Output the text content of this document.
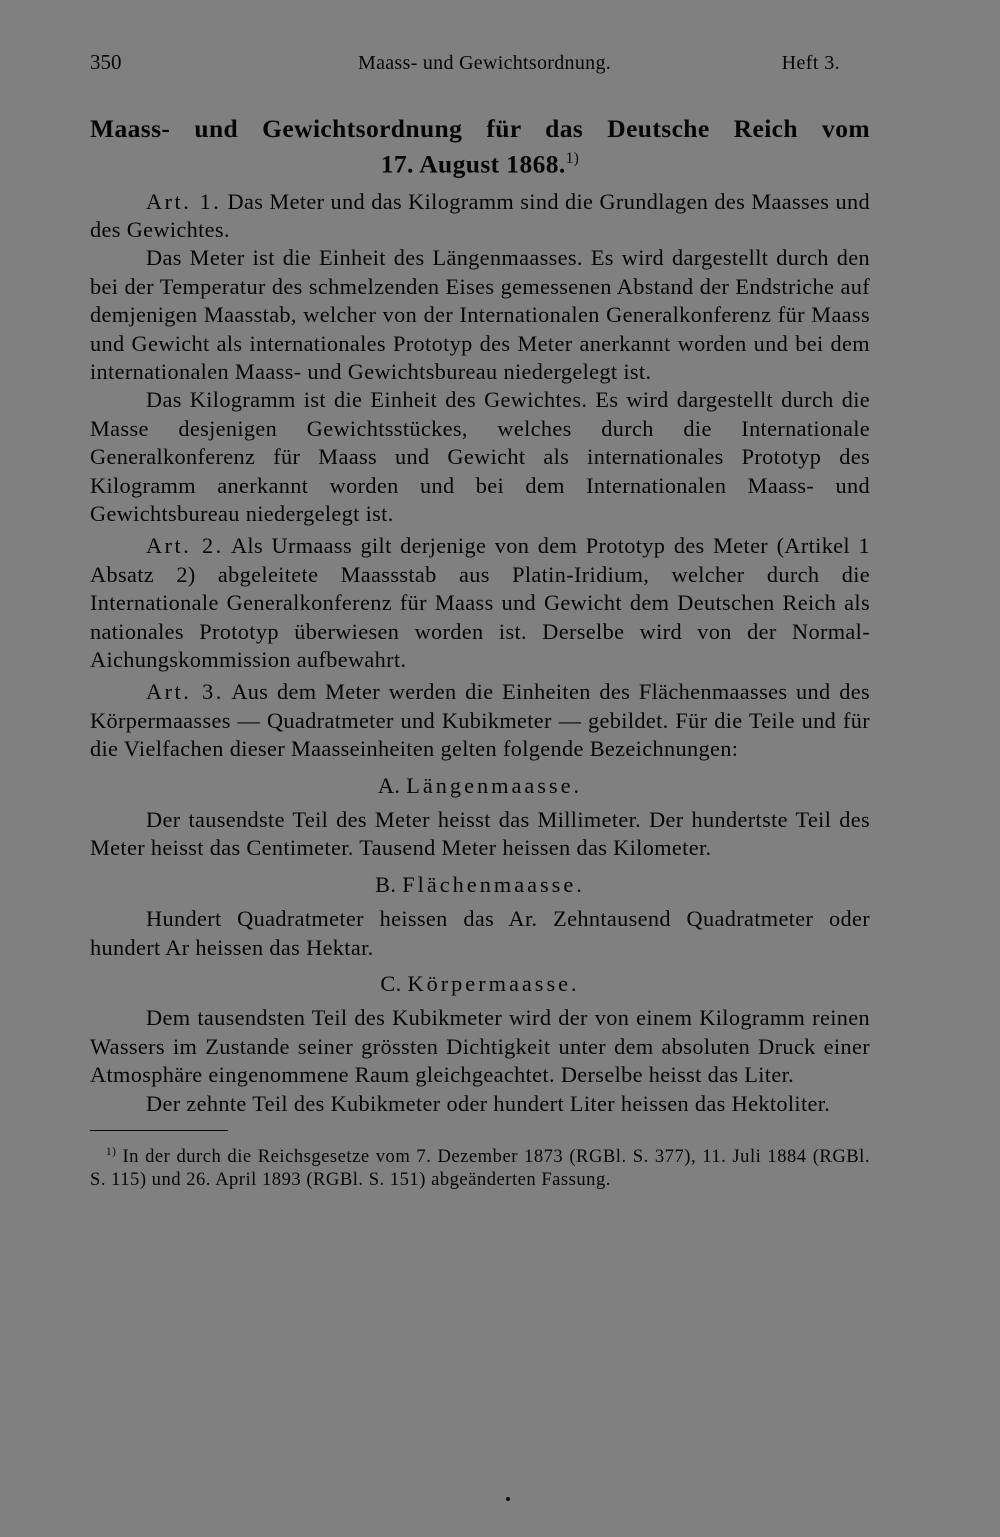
350	Maass- und Gewichtsordnung.	Heft 3.
Maass- und Gewichtsordnung für das Deutsche Reich vom
17. August 1868.$^{1)}$

Art. 1. Das Meter und das Kilogramm sind die Grundlagen des Maasses und des Gewichtes.

Das Meter ist die Einheit des Längenmaasses. Es wird dargestellt durch den bei der Temperatur des schmelzenden Eises gemessenen Abstand der Endstriche auf demjenigen Maasstab, welcher von der Internationalen Generalkonferenz für Maass und Gewicht als internationales Prototyp des Meter anerkannt worden und bei dem internationalen Maass- und Gewichtsbureau niedergelegt ist.

Das Kilogramm ist die Einheit des Gewichtes. Es wird dargestellt durch die Masse desjenigen Gewichtsstückes, welches durch die Internationale Generalkonferenz für Maass und Gewicht als internationales Prototyp des Kilogramm anerkannt worden und bei dem Internationalen Maass- und Gewichtsbureau niedergelegt ist.

Art. 2. Als Urmaass gilt derjenige von dem Prototyp des Meter (Artikel 1 Absatz 2) abgeleitete Maassstab aus Platin-Iridium, welcher durch die Internationale Generalkonferenz für Maass und Gewicht dem Deutschen Reich als nationales Prototyp überwiesen worden ist. Derselbe wird von der Normal-Aichungskommission aufbewahrt.

Art. 3. Aus dem Meter werden die Einheiten des Flächenmaasses und des Körpermaasses — Quadratmeter und Kubikmeter — gebildet. Für die Teile und für die Vielfachen dieser Maasseinheiten gelten folgende Bezeichnungen:

A. Längenmaasse.

Der tausendste Teil des Meter heisst das Millimeter. Der hundertste Teil des Meter heisst das Centimeter. Tausend Meter heissen das Kilometer.

B. Flächenmaasse.

Hundert Quadratmeter heissen das Ar. Zehntausend Quadratmeter oder hundert Ar heissen das Hektar.

C. Körpermaasse.

Dem tausendsten Teil des Kubikmeter wird der von einem Kilogramm reinen Wassers im Zustande seiner grössten Dichtigkeit unter dem absoluten Druck einer Atmosphäre eingenommene Raum gleichgeachtet. Derselbe heisst das Liter.

Der zehnte Teil des Kubikmeter oder hundert Liter heissen das Hektoliter.

$^{1)}$ In der durch die Reichsgesetze vom 7. Dezember 1873 (RGBl. S. 377), 11. Juli 1884 (RGBl. S. 115) und 26. April 1893 (RGBl. S. 151) abgeänderten Fassung.
